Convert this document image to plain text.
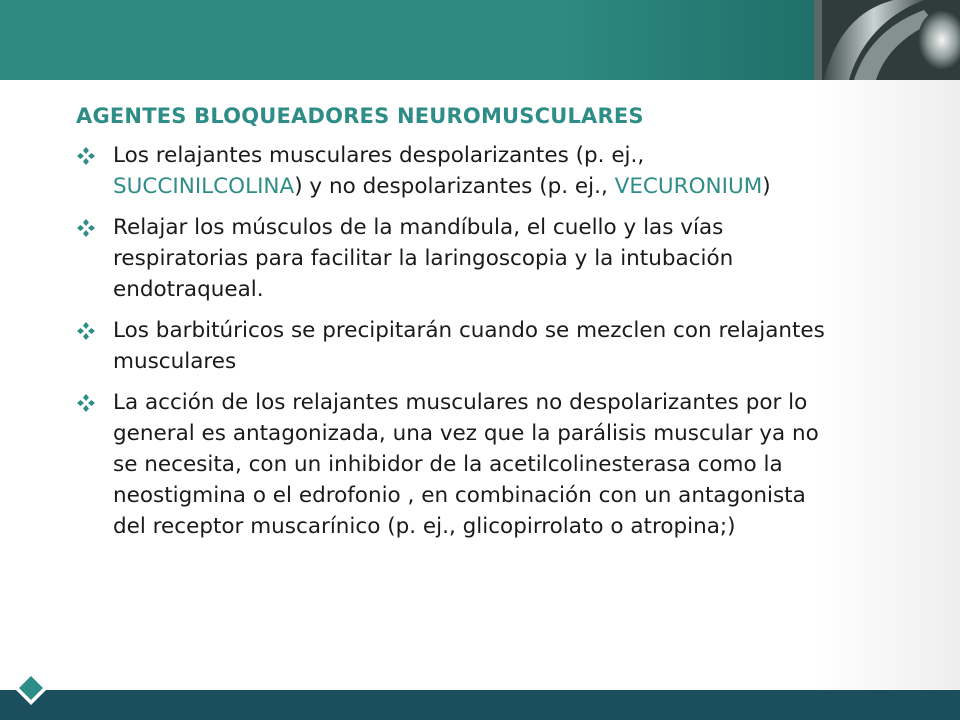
AGENTES BLOQUEADORES NEUROMUSCULARES
Los relajantes musculares despolarizantes (p. ej., SUCCINILCOLINA) y no despolarizantes (p. ej., VECURONIUM)
Relajar los músculos de la mandíbula, el cuello y las vías respiratorias para facilitar la laringoscopia y la intubación endotraqueal.
Los barbitúricos se precipitarán cuando se mezclen con relajantes musculares
La acción de los relajantes musculares no despolarizantes por lo general es antagonizada, una vez que la parálisis muscular ya no se necesita, con un inhibidor de la acetilcolinesterasa como la neostigmina o el edrofonio , en combinación con un antagonista del receptor muscarínico (p. ej., glicopirrolato o atropina;)
